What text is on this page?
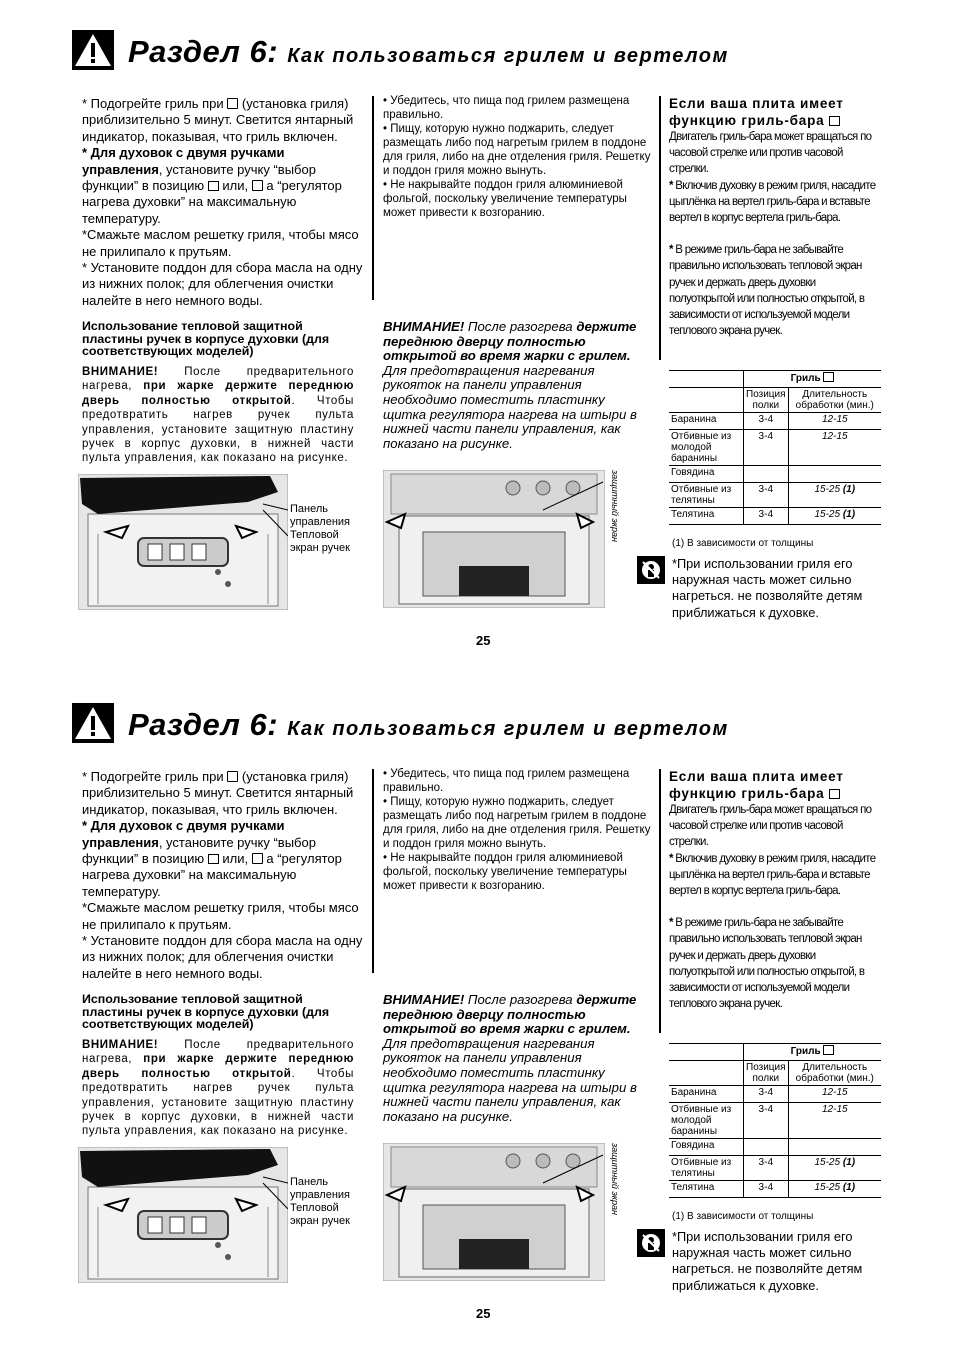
Раздел 6: Как пользоваться грилем и вертелом

* Подогрейте гриль при (установка гриля) приблизительно 5 минут. Светится янтарный индикатор, показывая, что гриль включен.

* Для духовок с двумя ручками управления, установите ручку “выбор функции” в позицию или, а “регулятор нагрева духовки” на максимальную температуру.

*Смажьте маслом решетку гриля, чтобы мясо не прилипало к прутьям.

* Установите поддон для сбора масла на одну из нижних полок; для облегчения очистки налейте в него немного воды.

• Убедитесь, что пища под грилем размещена правильно.

• Пищу, которую нужно поджарить, следует размещать либо под нагретым грилем в поддоне для гриля, либо на дне отделения гриля. Решетку и поддон гриля можно вынуть.

• Не накрывайте поддон гриля алюминиевой фольгой, поскольку увеличение температуры может привести к возгоранию.

Если ваша плита имеет функцию гриль-бара

Двигатель гриль-бара может вращаться по часовой стрелке или против часовой стрелки.

* Включив духовку в режим гриля, насадите цыплёнка на вертел гриль-бара и вставьте вертел в корпус вертела гриль-бара.

* В режиме гриль-бара не забывайте правильно использовать тепловой экран ручек и держать дверь духовки полуоткрытой или полностью открытой, в зависимости от используемой модели теплового экрана ручек.

Использование тепловой защитной пластины ручек в корпусе духовки (для соответствующих моделей)
ВНИМАНИЕ! После предварительного нагрева, при жарке держите переднюю дверь полностью открытой. Чтобы предотвратить нагрев ручек пульта управления, установите защитную пластину ручек в корпус духовки, в нижней части пульта управления, как показано на рисунке.
ВНИМАНИЕ! После разогрева держите переднюю дверцу полностью открытой во время жарки с грилем. Для предотвращения нагревания рукояток на панели управления необходимо поместить пластинку щитка регулятора нагрева на штыри в нижней части панели управления, как показано на рисунке.
Панель управления
Тепловой экран ручек
защитный экран
	Гриль	
	Позиция полки	Длительность обработки (мин.)
Баранина	3-4	12-15
Отбивные из молодой баранины	3-4	12-15
Говядина		
Отбивные из телятины	3-4	15-25 (1)
Телятина	3-4	15-25 (1)
(1) В зависимости от толщины
*При использовании гриля его наружная часть может сильно нагреться. не позволяйте детям приближаться к духовке.
25
Раздел 6: Как пользоваться грилем и вертелом

* Подогрейте гриль при (установка гриля) приблизительно 5 минут. Светится янтарный индикатор, показывая, что гриль включен.

* Для духовок с двумя ручками управления, установите ручку “выбор функции” в позицию или, а “регулятор нагрева духовки” на максимальную температуру.

*Смажьте маслом решетку гриля, чтобы мясо не прилипало к прутьям.

* Установите поддон для сбора масла на одну из нижних полок; для облегчения очистки налейте в него немного воды.

• Убедитесь, что пища под грилем размещена правильно.

• Пищу, которую нужно поджарить, следует размещать либо под нагретым грилем в поддоне для гриля, либо на дне отделения гриля. Решетку и поддон гриля можно вынуть.

• Не накрывайте поддон гриля алюминиевой фольгой, поскольку увеличение температуры может привести к возгоранию.

Если ваша плита имеет функцию гриль-бара

Двигатель гриль-бара может вращаться по часовой стрелке или против часовой стрелки.

* Включив духовку в режим гриля, насадите цыплёнка на вертел гриль-бара и вставьте вертел в корпус вертела гриль-бара.

* В режиме гриль-бара не забывайте правильно использовать тепловой экран ручек и держать дверь духовки полуоткрытой или полностью открытой, в зависимости от используемой модели теплового экрана ручек.

Использование тепловой защитной пластины ручек в корпусе духовки (для соответствующих моделей)
ВНИМАНИЕ! После предварительного нагрева, при жарке держите переднюю дверь полностью открытой. Чтобы предотвратить нагрев ручек пульта управления, установите защитную пластину ручек в корпус духовки, в нижней части пульта управления, как показано на рисунке.
ВНИМАНИЕ! После разогрева держите переднюю дверцу полностью открытой во время жарки с грилем. Для предотвращения нагревания рукояток на панели управления необходимо поместить пластинку щитка регулятора нагрева на штыри в нижней части панели управления, как показано на рисунке.
Панель управления
Тепловой экран ручек
защитный экран
	Гриль	
	Позиция полки	Длительность обработки (мин.)
Баранина	3-4	12-15
Отбивные из молодой баранины	3-4	12-15
Говядина		
Отбивные из телятины	3-4	15-25 (1)
Телятина	3-4	15-25 (1)
(1) В зависимости от толщины
*При использовании гриля его наружная часть может сильно нагреться. не позволяйте детям приближаться к духовке.
25
